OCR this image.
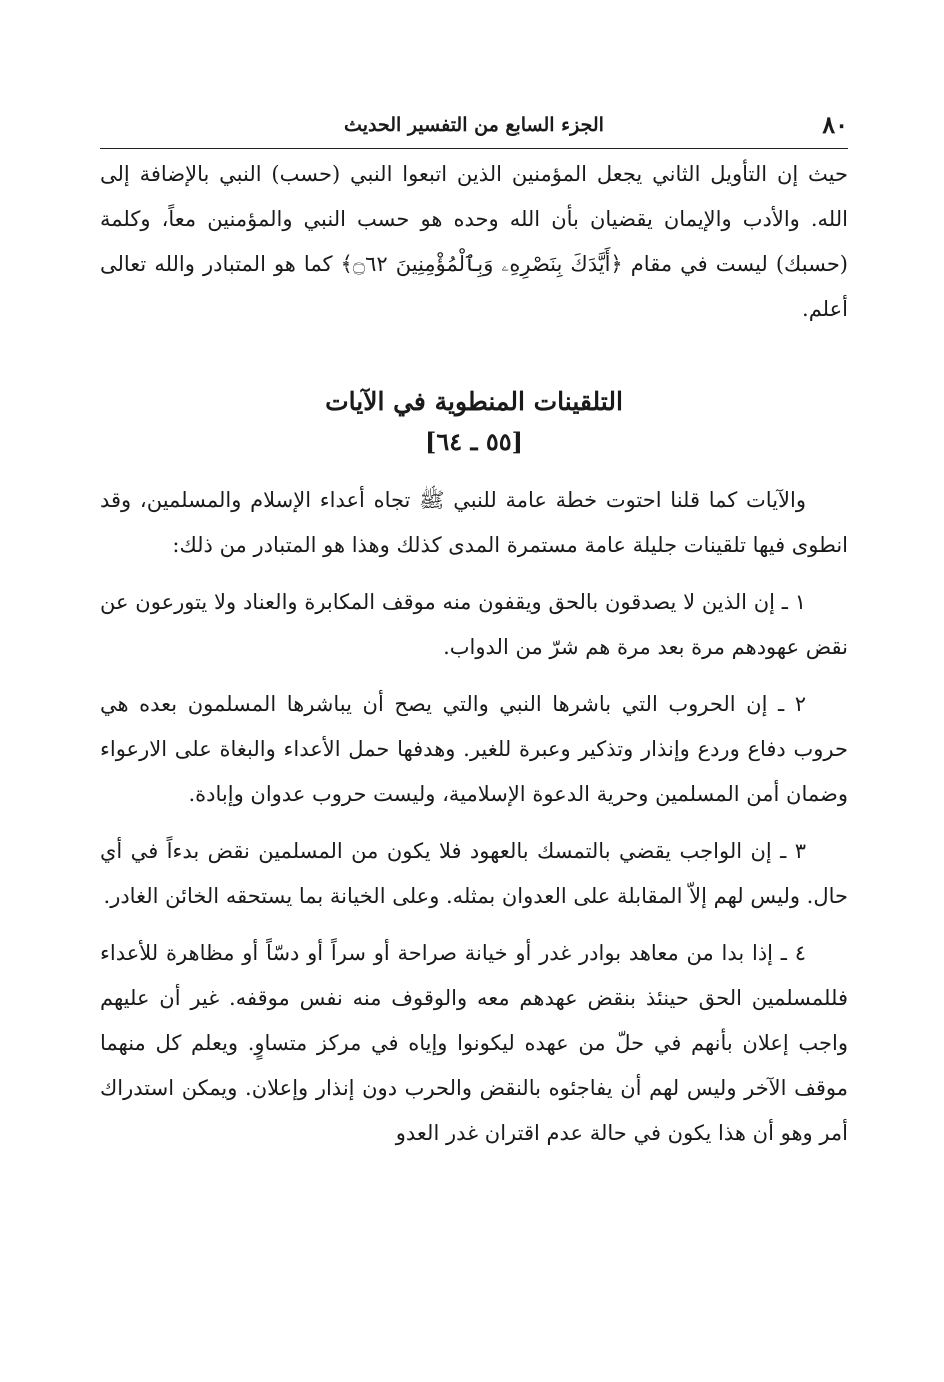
٨٠
الجزء السابع من التفسير الحديث

حيث إن التأويل الثاني يجعل المؤمنين الذين اتبعوا النبي (حسب) النبي بالإضافة إلى الله. والأدب والإيمان يقضيان بأن الله وحده هو حسب النبي والمؤمنين معاً، وكلمة (حسبك) ليست في مقام ﴿أَيَّدَكَ بِنَصْرِهِۦ وَبِٱلْمُؤْمِنِينَ ۝٦٢﴾ كما هو المتبادر والله تعالى أعلم.

التلقينات المنطوية في الآيات

[٥٥ ـ ٦٤]

والآيات كما قلنا احتوت خطة عامة للنبي ﷺ تجاه أعداء الإسلام والمسلمين، وقد انطوى فيها تلقينات جليلة عامة مستمرة المدى كذلك وهذا هو المتبادر من ذلك:

١ ـ إن الذين لا يصدقون بالحق ويقفون منه موقف المكابرة والعناد ولا يتورعون عن نقض عهودهم مرة بعد مرة هم شرّ من الدواب.

٢ ـ إن الحروب التي باشرها النبي والتي يصح أن يباشرها المسلمون بعده هي حروب دفاع وردع وإنذار وتذكير وعبرة للغير. وهدفها حمل الأعداء والبغاة على الارعواء وضمان أمن المسلمين وحرية الدعوة الإسلامية، وليست حروب عدوان وإبادة.

٣ ـ إن الواجب يقضي بالتمسك بالعهود فلا يكون من المسلمين نقض بدءاً في أي حال. وليس لهم إلاّ المقابلة على العدوان بمثله. وعلى الخيانة بما يستحقه الخائن الغادر.

٤ ـ إذا بدا من معاهد بوادر غدر أو خيانة صراحة أو سراً أو دسّاً أو مظاهرة للأعداء فللمسلمين الحق حينئذ بنقض عهدهم معه والوقوف منه نفس موقفه. غير أن عليهم واجب إعلان بأنهم في حلّ من عهده ليكونوا وإياه في مركز متساوٍ. ويعلم كل منهما موقف الآخر وليس لهم أن يفاجئوه بالنقض والحرب دون إنذار وإعلان. ويمكن استدراك أمر وهو أن هذا يكون في حالة عدم اقتران غدر العدو
